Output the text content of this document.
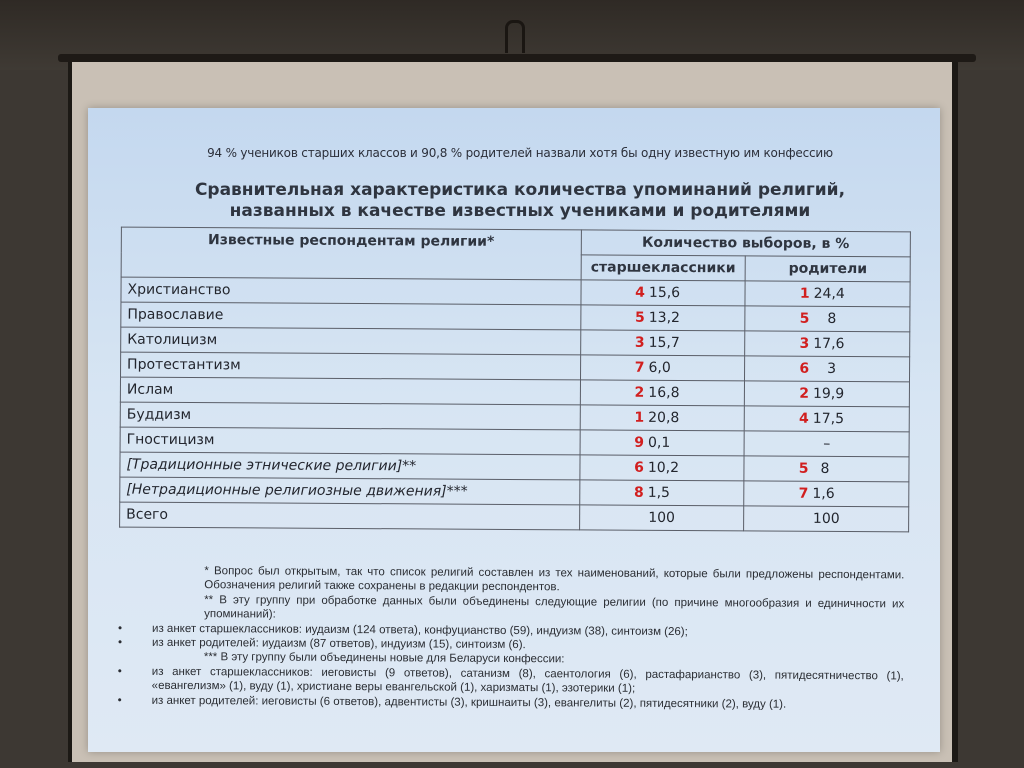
94 % учеников старших классов и 90,8 % родителей назвали хотя бы одну известную им конфессию
Сравнительная характеристика количества упоминаний религий,
названных в качестве известных учениками и родителями
Известные респондентам религии*	Количество выборов, в %	
	старшеклассники	родители
Христианство	4 15,6	1 24,4
Православие	5 13,2	5 8
Католицизм	3 15,7	3 17,6
Протестантизм	7 6,0	6 3
Ислам	2 16,8	2 19,9
Буддизм	1 20,8	4 17,5
Гностицизм	9 0,1	–
[Традиционные этнические религии]**	6 10,2	5 8
[Нетрадиционные религиозные движения]***	8 1,5	7 1,6
Всего	100	100

* Вопрос был открытым, так что список религий составлен из тех наименований, которые были предложены респондентами. Обозначения религий также сохранены в редакции респондентов.

** В эту группу при обработке данных были объединены следующие религии (по причине многообразия и единичности их упоминаний):

•	из анкет старшеклассников: иудаизм (124 ответа), конфуцианство (59), индуизм (38), синтоизм (26);

•	из анкет родителей: иудаизм (87 ответов), индуизм (15), синтоизм (6).

*** В эту группу были объединены новые для Беларуси конфессии:

•	из анкет старшеклассников: иеговисты (9 ответов), сатанизм (8), саентология (6), растафарианство (3), пятидесятничество (1), «евангелизм» (1), вуду (1), христиане веры евангельской (1), харизматы (1), эзотерики (1);

•	из анкет родителей: иеговисты (6 ответов), адвентисты (3), кришнаиты (3), евангелиты (2), пятидесятники (2), вуду (1).
